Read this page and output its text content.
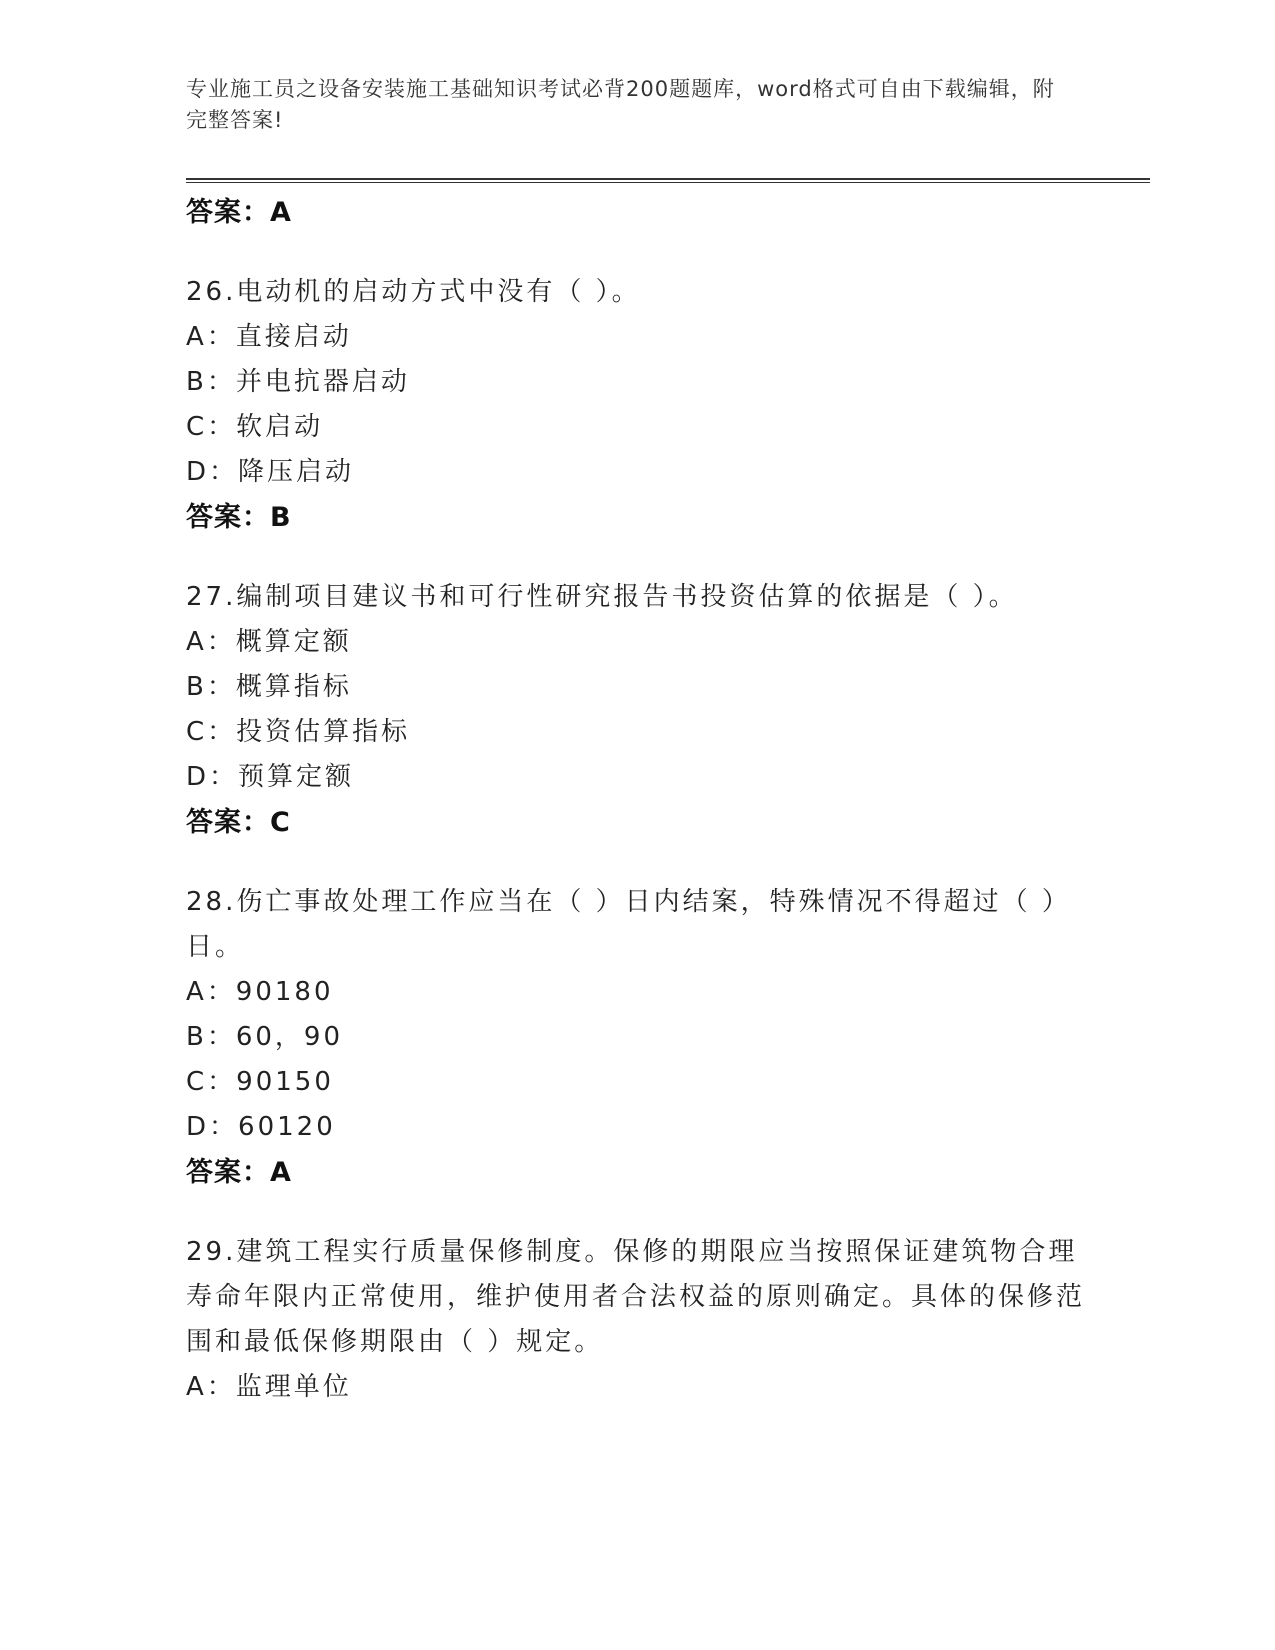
专业施工员之设备安装施工基础知识考试必背200题题库，word格式可自由下载编辑，附完整答案!
答案：A
26.电动机的启动方式中没有（ ）。
A：直接启动
B：并电抗器启动
C：软启动
D：降压启动
答案：B
27.编制项目建议书和可行性研究报告书投资估算的依据是（ ）。
A：概算定额
B：概算指标
C：投资估算指标
D：预算定额
答案：C
28.伤亡事故处理工作应当在（ ）日内结案，特殊情况不得超过（ ）日。
A：90180
B：60，90
C：90150
D：60120
答案：A
29.建筑工程实行质量保修制度。保修的期限应当按照保证建筑物合理寿命年限内正常使用，维护使用者合法权益的原则确定。具体的保修范围和最低保修期限由（ ）规定。
A：监理单位
